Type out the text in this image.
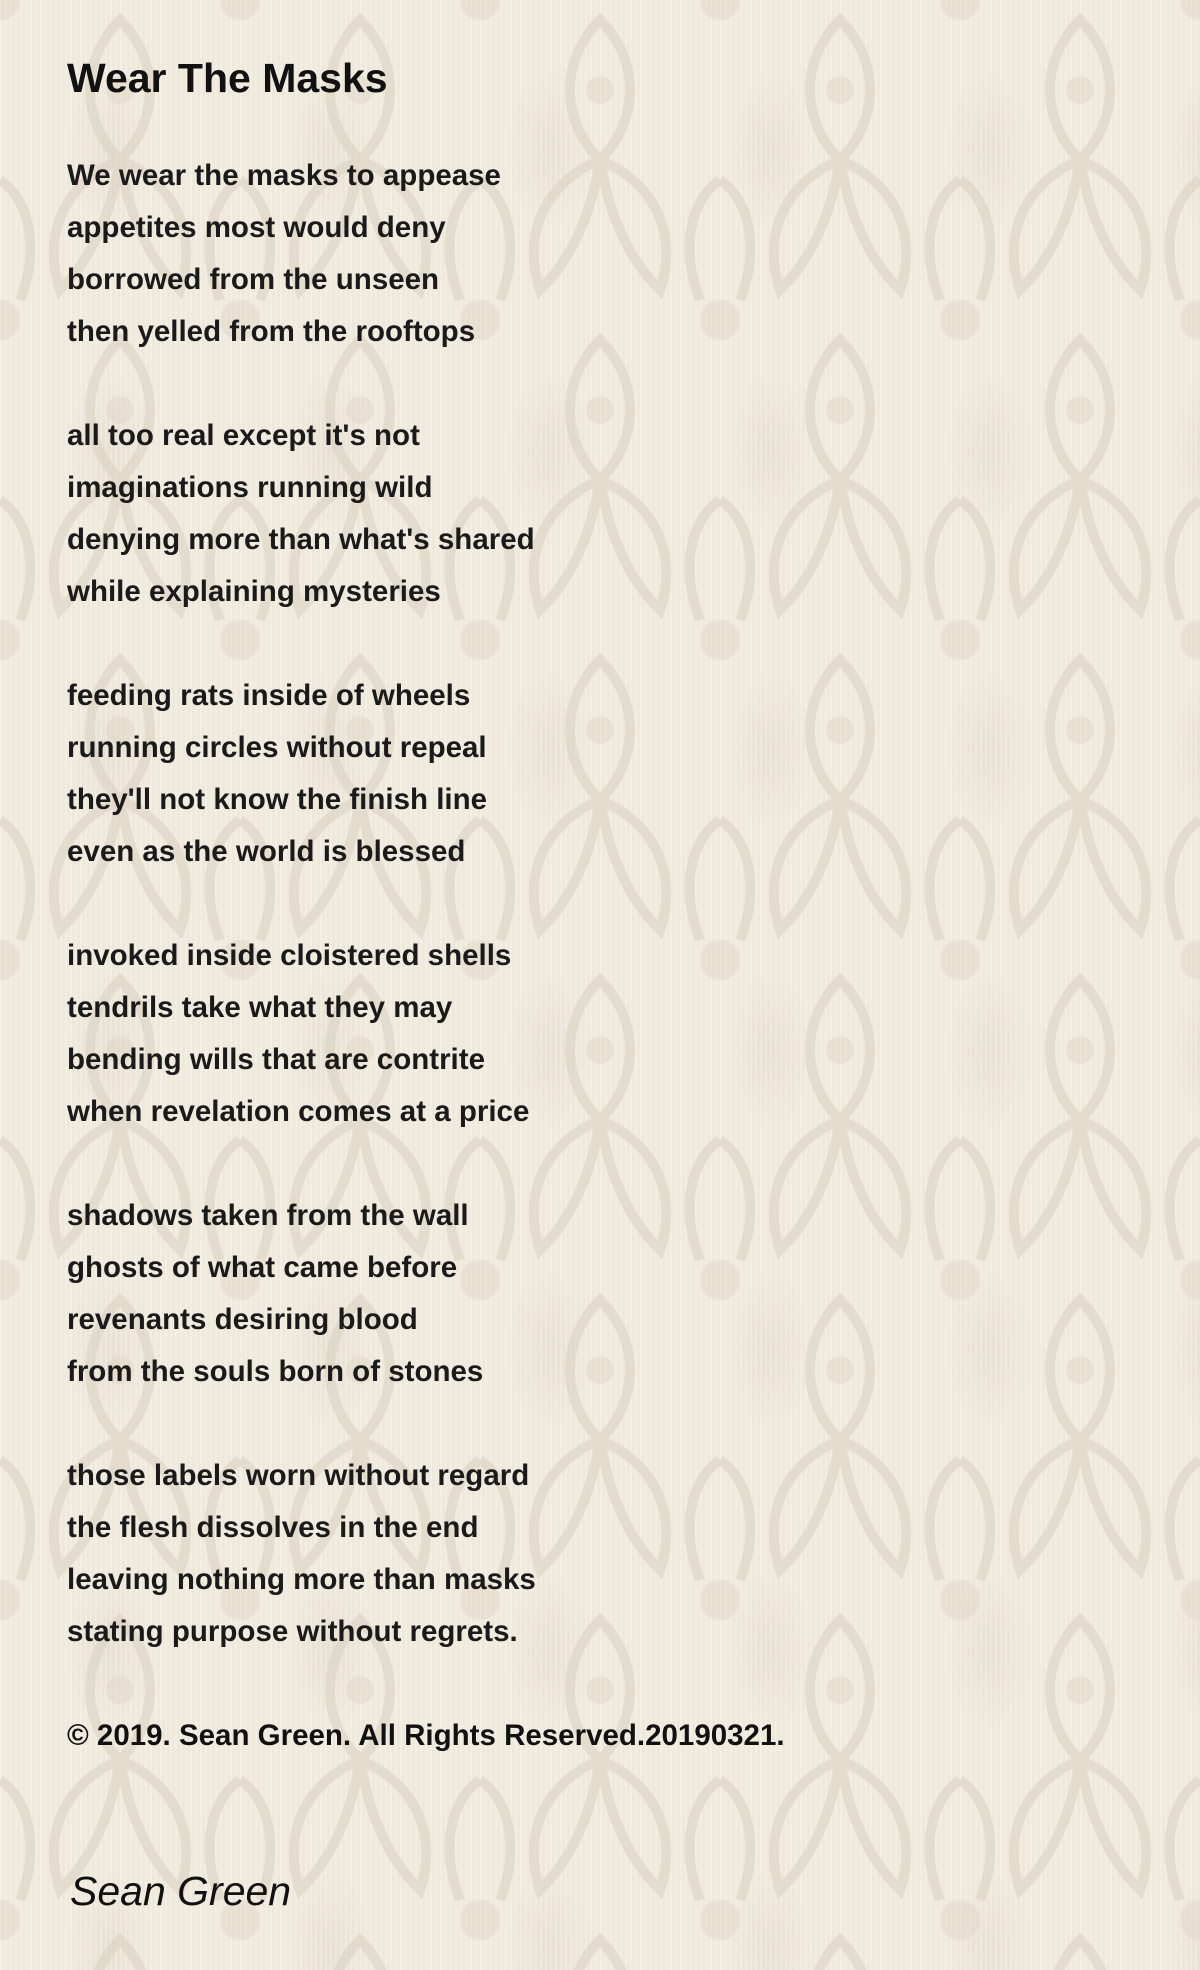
Wear The Masks
We wear the masks to appease
appetites most would deny
borrowed from the unseen
then yelled from the rooftops
all too real except it's not
imaginations running wild
denying more than what's shared
while explaining mysteries
feeding rats inside of wheels
running circles without repeal
they'll not know the finish line
even as the world is blessed
invoked inside cloistered shells
tendrils take what they may
bending wills that are contrite
when revelation comes at a price
shadows taken from the wall
ghosts of what came before
revenants desiring blood
from the souls born of stones
those labels worn without regard
the flesh dissolves in the end
leaving nothing more than masks
stating purpose without regrets.
© 2019. Sean Green. All Rights Reserved.20190321.
Sean Green
